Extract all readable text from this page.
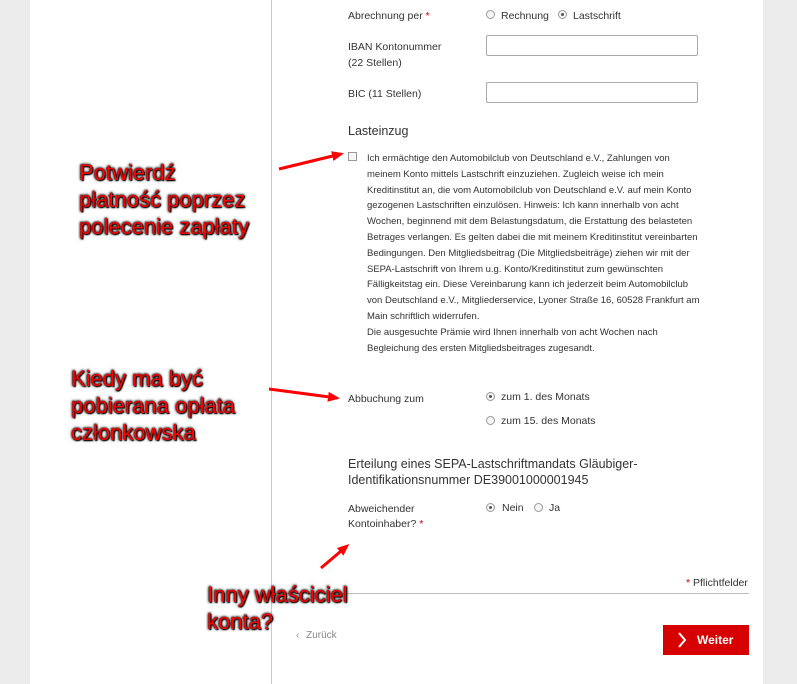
Abrechnung per *	Rechnung Lastschrift
IBAN Kontonummer
(22 Stellen)
BIC (11 Stellen)
Lasteinzug
Ich ermächtige den Automobilclub von Deutschland e.V., Zahlungen von meinem Konto mittels Lastschrift einzuziehen. Zugleich weise ich mein Kreditinstitut an, die vom Automobilclub von Deutschland e.V. auf mein Konto gezogenen Lastschriften einzulösen. Hinweis: Ich kann innerhalb von acht Wochen, beginnend mit dem Belastungsdatum, die Erstattung des belasteten Betrages verlangen. Es gelten dabei die mit meinem Kreditinstitut vereinbarten Bedingungen. Den Mitgliedsbeitrag (Die Mitgliedsbeiträge) ziehen wir mit der SEPA-Lastschrift von Ihrem u.g. Konto/Kreditinstitut zum gewünschten Fälligkeitstag ein. Diese Vereinbarung kann ich jederzeit beim Automobilclub von Deutschland e.V., Mitgliederservice, Lyoner Straße 16, 60528 Frankfurt am Main schriftlich widerrufen.
Die ausgesuchte Prämie wird Ihnen innerhalb von acht Wochen nach Begleichung des ersten Mitgliedsbeitrages zugesandt.
Abbuchung zum	zum 1. des Monats
zum 15. des Monats
Erteilung eines SEPA-Lastschriftmandats Gläubiger-
Identifikationsnummer DE39001000001945
Abweichender
Kontoinhaber? *
Nein Ja
* Pflichtfelder
‹ Zurück	Weiter
Potwierdź
płatność poprzez
polecenie zapłaty
Kiedy ma być
pobierana opłata
członkowska
Inny właściciel
konta?
